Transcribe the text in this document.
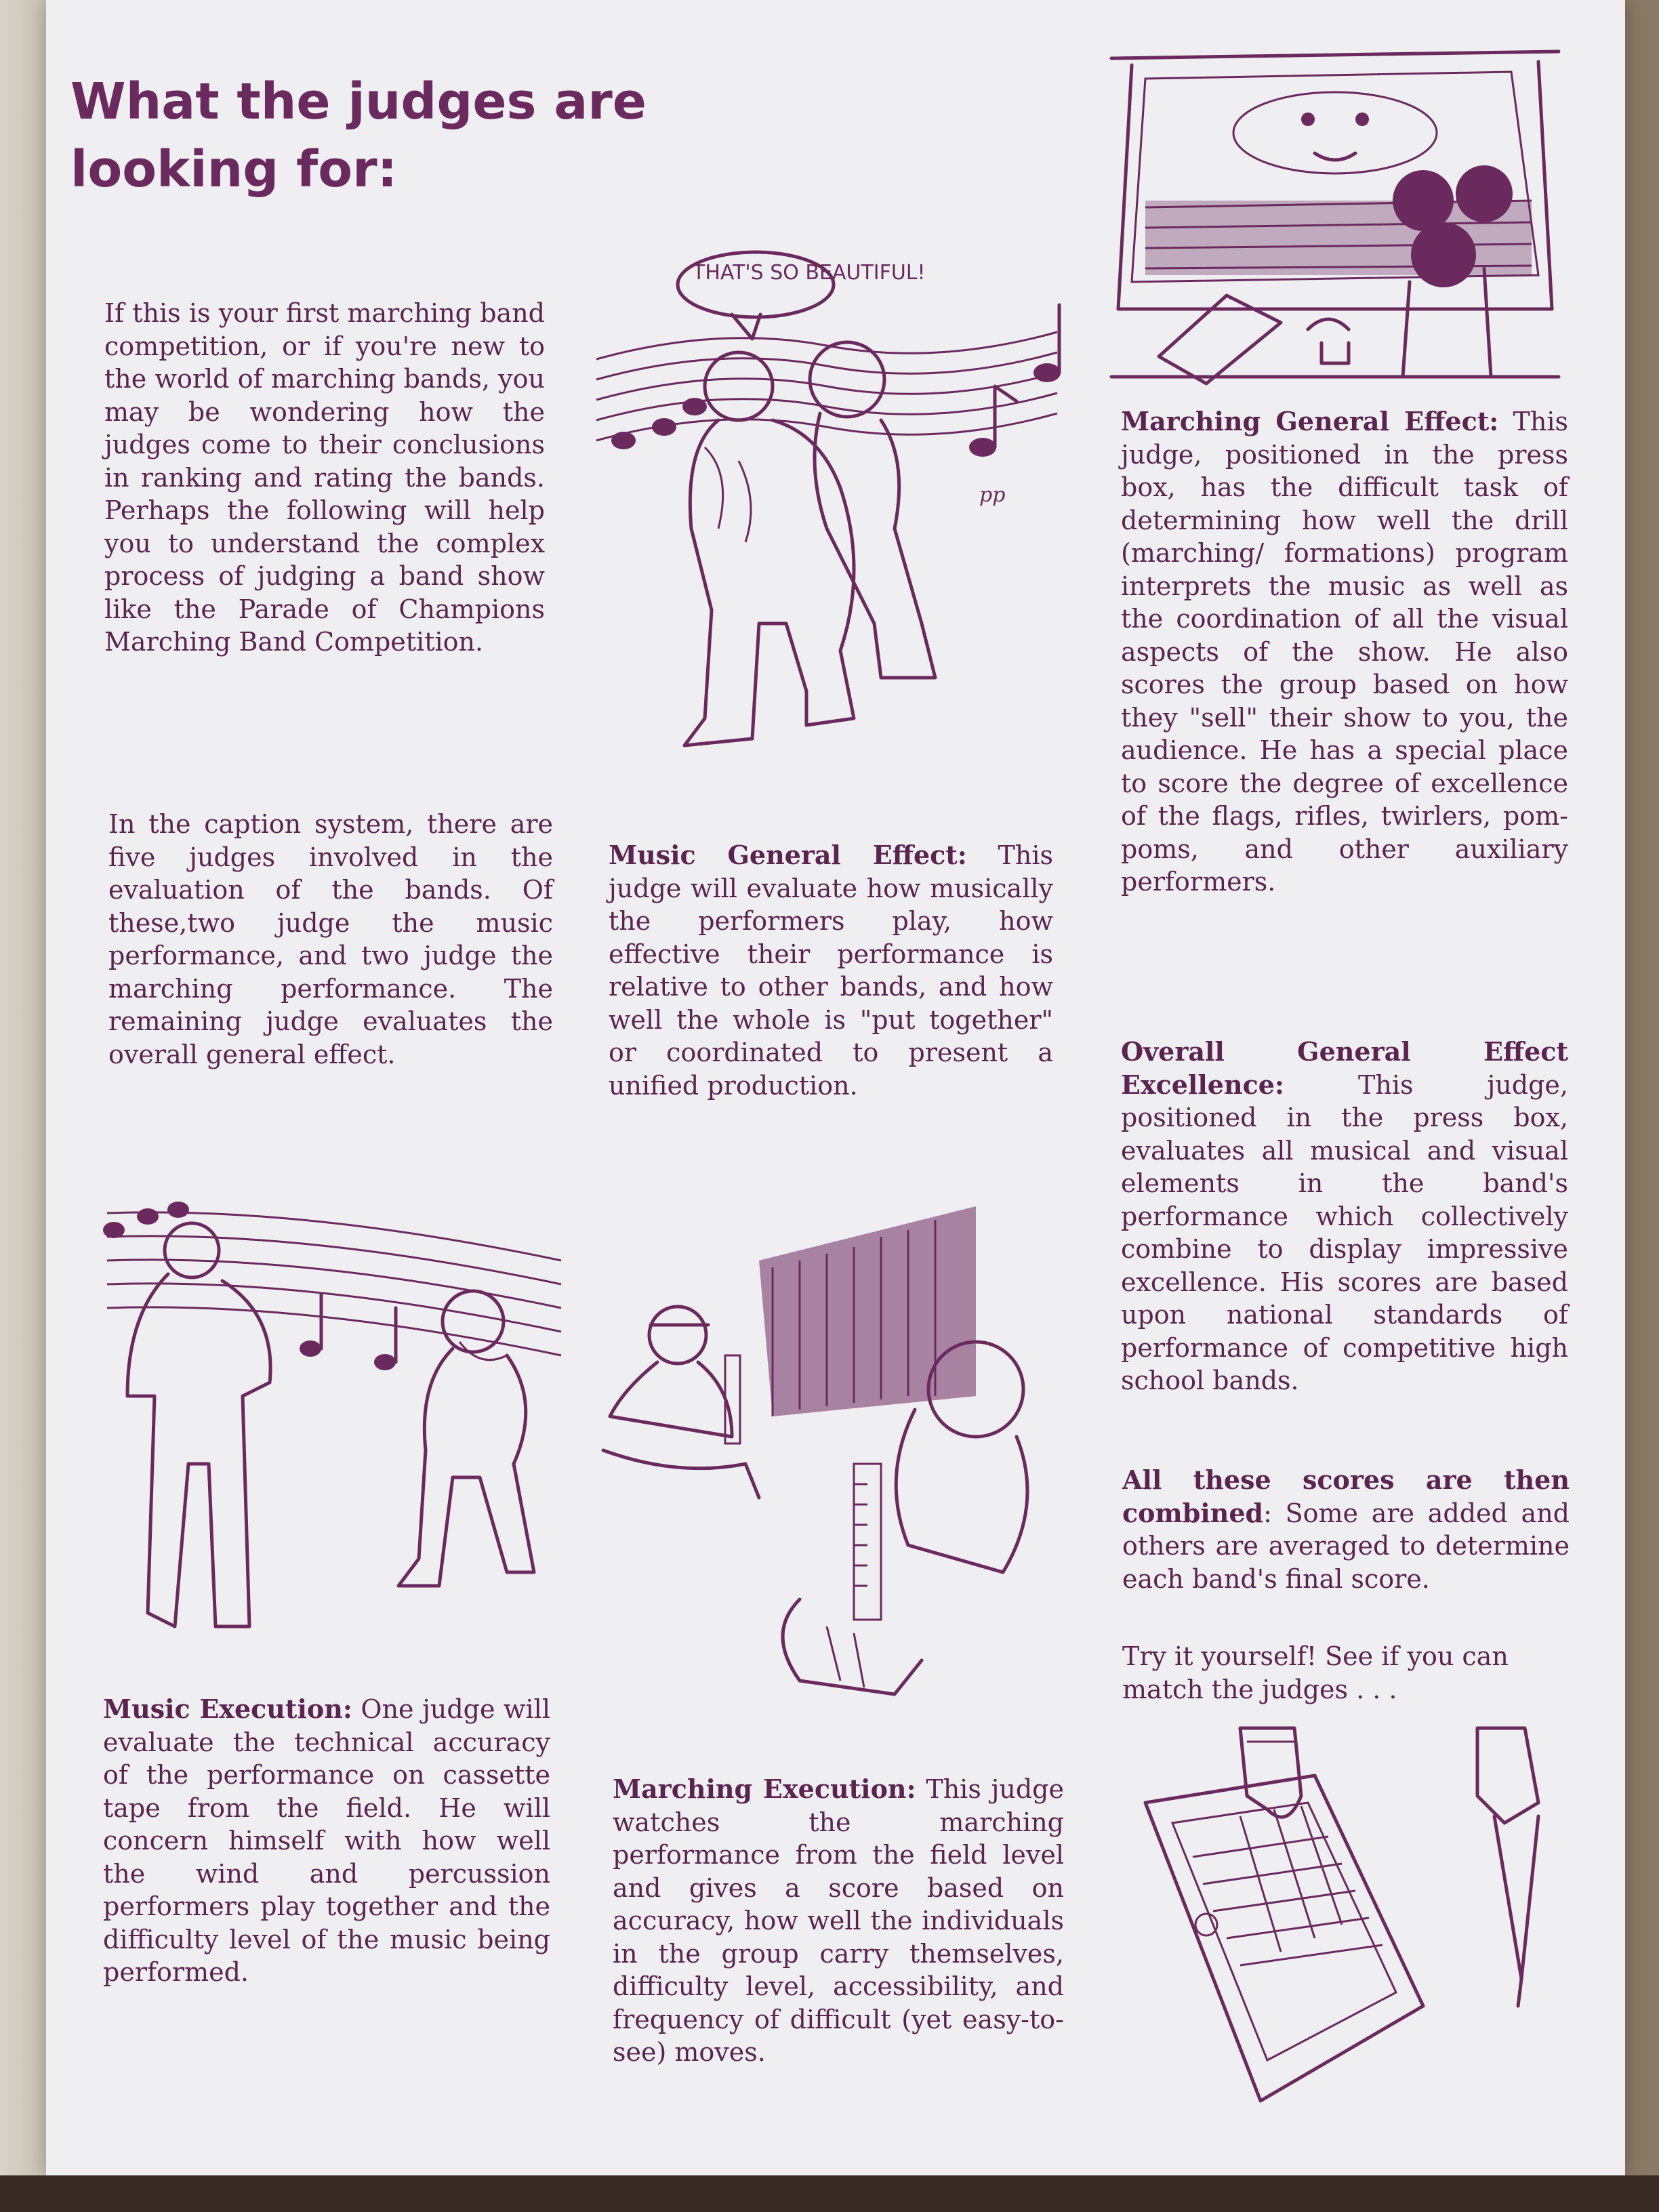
What the judges are looking for:

If this is your first marching band competition, or if you're new to the world of marching bands, you may be wondering how the judges come to their conclusions in ranking and rating the bands. Perhaps the following will help you to understand the complex process of judging a band show like the Parade of Champions Marching Band Competition.

In the caption system, there are five judges involved in the evaluation of the bands. Of these,two judge the music performance, and two judge the marching performance. The remaining judge evaluates the overall general effect.

THAT'S SO BEAUTIFUL!
pp

Marching General Effect: This judge, positioned in the press box, has the difficult task of determining how well the drill (marching/ formations) program interprets the music as well as the coordination of all the visual aspects of the show. He also scores the group based on how they "sell" their show to you, the audience. He has a special place to score the degree of excellence of the flags, rifles, twirlers, pom-poms, and other auxiliary performers.

Music General Effect: This judge will evaluate how musically the performers play, how effective their performance is relative to other bands, and how well the whole is "put together" or coordinated to present a unified production.

Overall General Effect Excellence:	This judge, positioned in the press box, evaluates all musical and visual elements in the band's performance which collectively combine to display impressive excellence. His scores are based upon national standards of performance of competitive high school bands.

All these scores are then combined: Some are added and others are averaged to determine each band's final score.

Try it yourself! See if you can match the judges . . .

Music Execution: One judge will evaluate the technical accuracy of the performance on cassette tape from the field. He will concern himself with how well the wind and percussion performers play together and the difficulty level of the music being performed.

Marching Execution: This judge watches the marching performance from the field level and gives a score based on accuracy, how well the individuals in the group carry themselves, difficulty level, accessibility, and frequency of difficult (yet easy-to-see) moves.
